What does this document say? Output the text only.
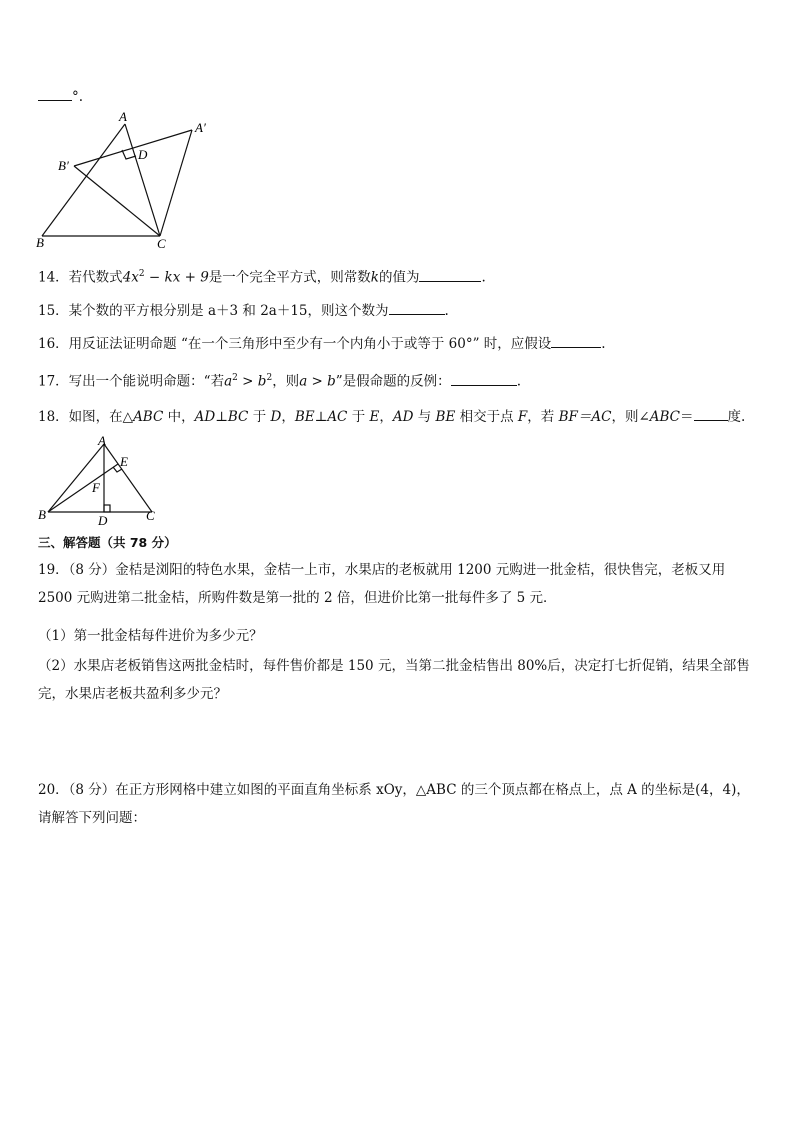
°.
A
A′
B′
D
B	C
14．若代数式$4x^2$ − kx + 9是一个完全平方式，则常数k的值为	.
15．某个数的平方根分别是 a＋3 和 2a＋15，则这个数为	.
16．用反证法证明命题 “在一个三角形中至少有一个内角小于或等于 60°” 时，应假设	.
17．写出一个能说明命题：“若$a^2 > b^2$，则a > b”是假命题的反例：	.
18．如图，在△ABC 中，AD⊥BC 于 D，BE⊥AC 于 E，AD 与 BE 相交于点 F，若 BF＝AC，则∠ABC＝	度.
A
E
F
B	D	C
三、解答题（共 78 分）
19．（8 分）金桔是浏阳的特色水果，金桔一上市，水果店的老板就用 1200 元购进一批金桔，很快售完，老板又用 2500 元购进第二批金桔，所购件数是第一批的 2 倍，但进价比第一批每件多了 5 元．
（1）第一批金桔每件进价为多少元？
（2）水果店老板销售这两批金桔时，每件售价都是 150 元，当第二批金桔售出 80%后，决定打七折促销，结果全部售完，水果店老板共盈利多少元？
20．（8 分）在正方形网格中建立如图的平面直角坐标系 xOy，△ABC 的三个顶点都在格点上，点 A 的坐标是(4，4)，请解答下列问题：
